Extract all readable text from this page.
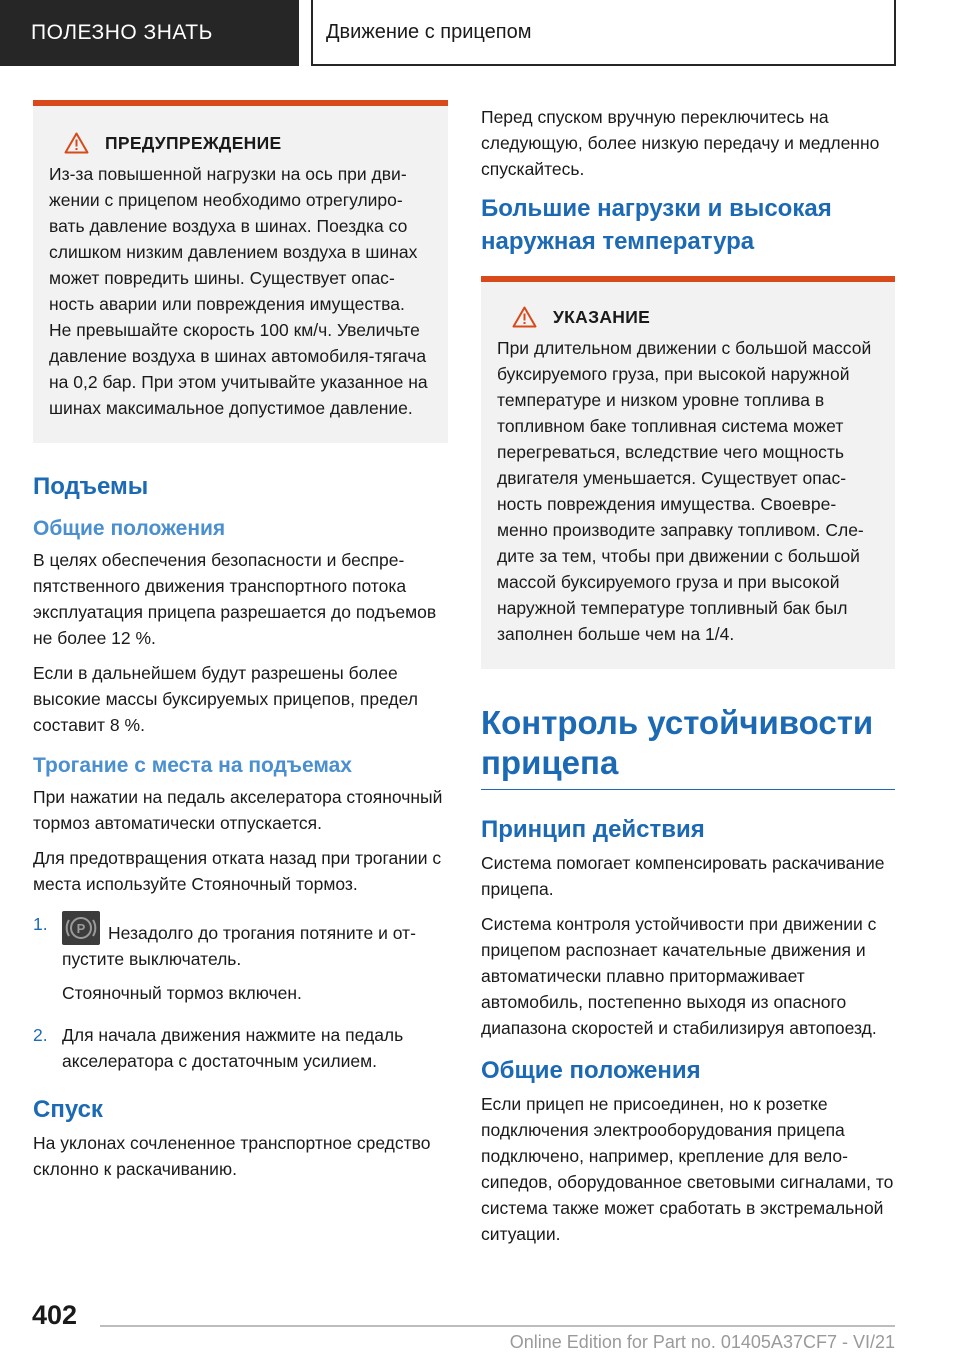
ПОЛЕЗНО ЗНАТЬ	Движение с прицепом
ПРЕДУПРЕЖДЕНИЕ

Из-за повышенной нагрузки на ось при движении с прицепом необходимо отрегулировать давление воздуха в шинах. Поездка со слишком низким давлением воздуха в шинах может повредить шины. Существует опасность аварии или повреждения имущества. Не превышайте скорость 100 км/ч. Увеличьте давление воздуха в шинах автомобиля-тягача на 0,2 бар. При этом учитывайте указанное на шинах максимальное допустимое давление.

Подъемы
Общие положения

В целях обеспечения безопасности и беспрепятственного движения транспортного потока эксплуатация прицепа разрешается до подъемов не более 12 %.

Если в дальнейшем будут разрешены более высокие массы буксируемых прицепов, предел составит 8 %.

Трогание с места на подъемах

При нажатии на педаль акселератора стояночный тормоз автоматически отпускается.

Для предотвращения отката назад при трогании с места используйте Стояночный тормоз.

1.	P Незадолго до трогания потяните и отпустите выключатель.

Стояночный тормоз включен.

2. Для начала движения нажмите на педаль акселератора с достаточным усилием.

Спуск

На уклонах сочлененное транспортное средство склонно к раскачиванию.

Перед спуском вручную переключитесь на следующую, более низкую передачу и медленно спускайтесь.

Большие нагрузки и высокая наружная температура
УКАЗАНИЕ

При длительном движении с большой массой буксируемого груза, при высокой наружной температуре и низком уровне топлива в топливном баке топливная система может перегреваться, вследствие чего мощность двигателя уменьшается. Существует опасность повреждения имущества. Своевременно производите заправку топливом. Следите за тем, чтобы при движении с большой массой буксируемого груза и при высокой наружной температуре топливный бак был заполнен больше чем на 1/4.

Контроль устойчивости прицепа
Принцип действия

Система помогает компенсировать раскачивание прицепа.

Система контроля устойчивости при движении с прицепом распознает качательные движения и автоматически плавно притормаживает автомобиль, постепенно выходя из опасного диапазона скоростей и стабилизируя автопоезд.

Общие положения

Если прицеп не присоединен, но к розетке подключения электрооборудования прицепа подключено, например, крепление для велосипедов, оборудованное световыми сигналами, то система также может сработать в экстремальной ситуации.

402
Online Edition for Part no. 01405A37CF7 - VI/21
